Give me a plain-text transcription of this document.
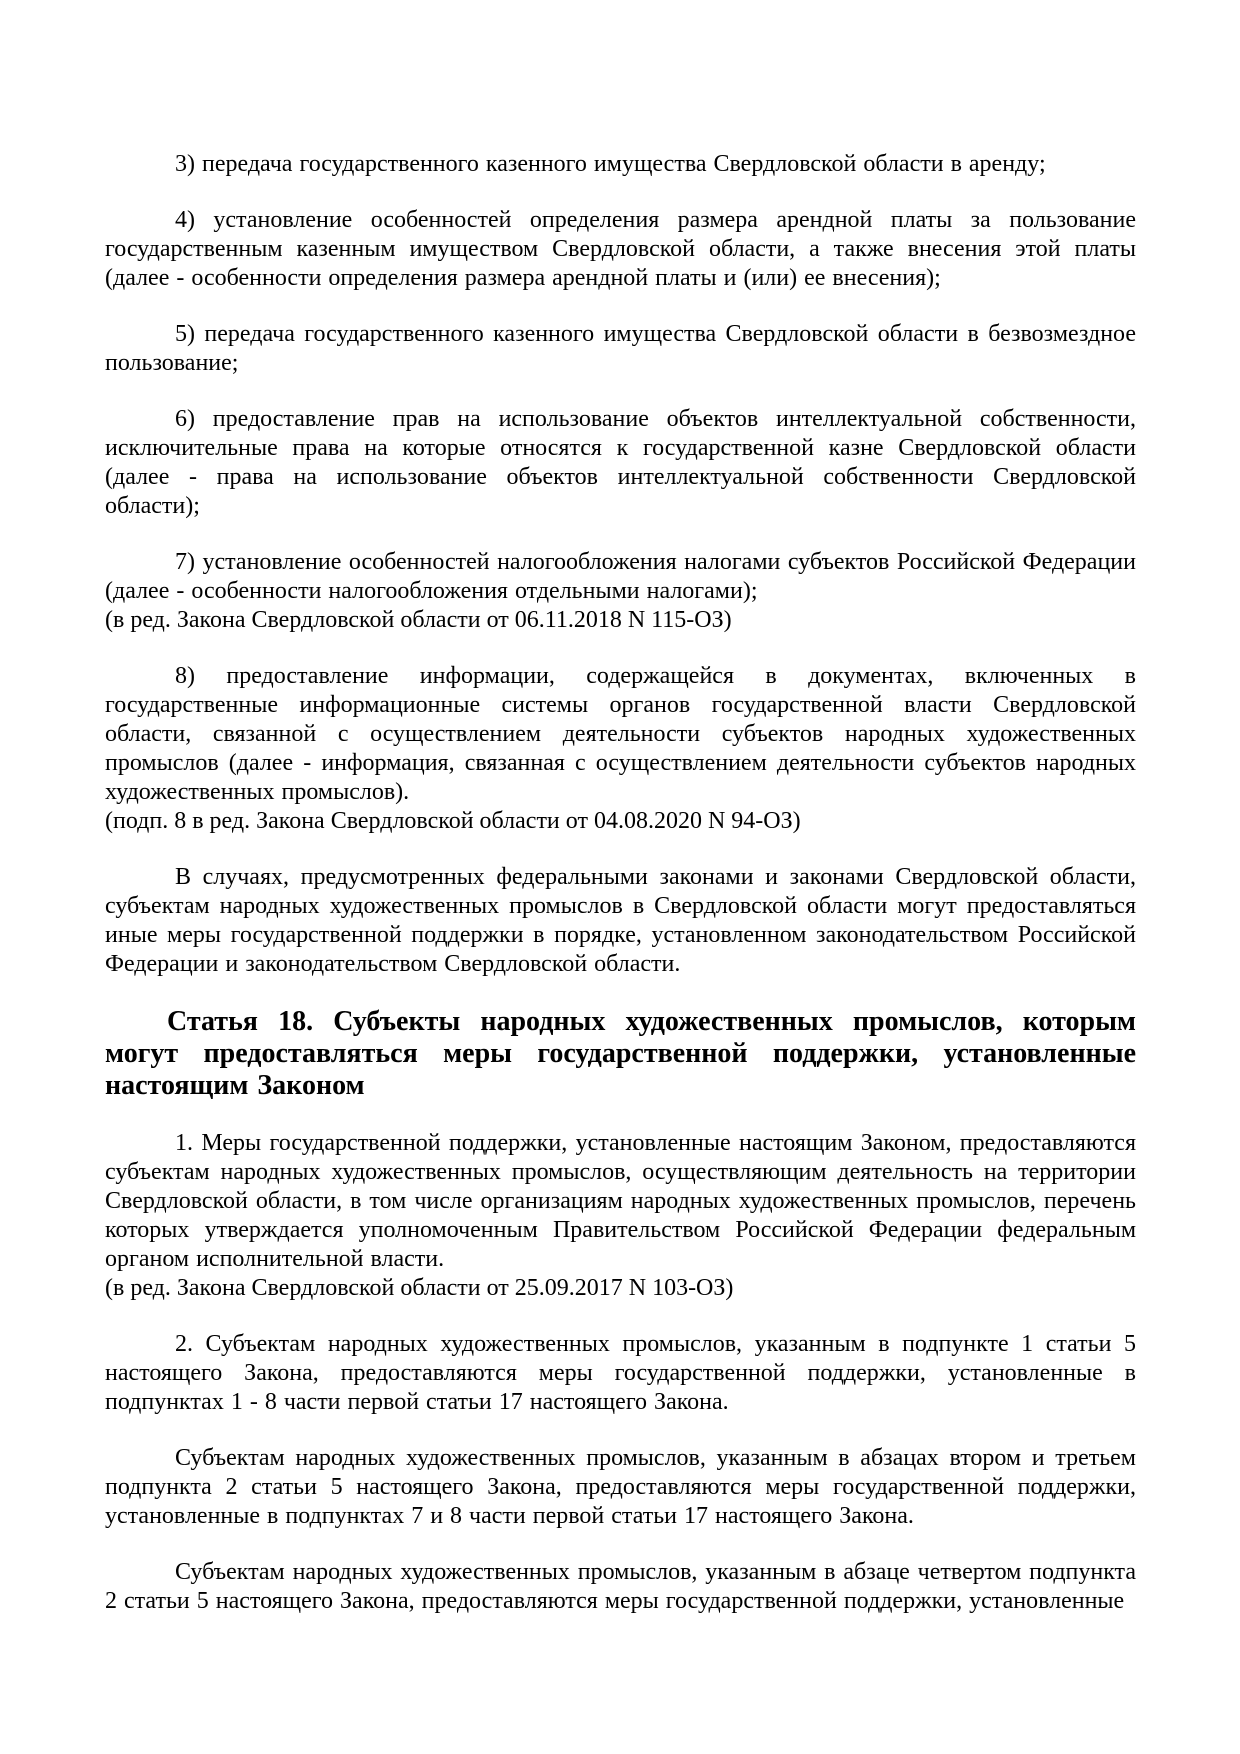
3) передача государственного казенного имущества Свердловской области в аренду;

4) установление особенностей определения размера арендной платы за пользование государственным казенным имуществом Свердловской области, а также внесения этой платы (далее - особенности определения размера арендной платы и (или) ее внесения);

5) передача государственного казенного имущества Свердловской области в безвозмездное пользование;

6) предоставление прав на использование объектов интеллектуальной собственности, исключительные права на которые относятся к государственной казне Свердловской области (далее - права на использование объектов интеллектуальной собственности Свердловской области);

7) установление особенностей налогообложения налогами субъектов Российской Федерации (далее - особенности налогообложения отдельными налогами);

(в ред. Закона Свердловской области от 06.11.2018 N 115-ОЗ)

8) предоставление информации, содержащейся в документах, включенных в государственные информационные системы органов государственной власти Свердловской области, связанной с осуществлением деятельности субъектов народных художественных промыслов (далее - информация, связанная с осуществлением деятельности субъектов народных художественных промыслов).

(подп. 8 в ред. Закона Свердловской области от 04.08.2020 N 94-ОЗ)

В случаях, предусмотренных федеральными законами и законами Свердловской области, субъектам народных художественных промыслов в Свердловской области могут предоставляться иные меры государственной поддержки в порядке, установленном законодательством Российской Федерации и законодательством Свердловской области.

Статья 18. Субъекты народных художественных промыслов, которым могут предоставляться меры государственной поддержки, установленные настоящим Законом

1. Меры государственной поддержки, установленные настоящим Законом, предоставляются субъектам народных художественных промыслов, осуществляющим деятельность на территории Свердловской области, в том числе организациям народных художественных промыслов, перечень которых утверждается уполномоченным Правительством Российской Федерации федеральным органом исполнительной власти.

(в ред. Закона Свердловской области от 25.09.2017 N 103-ОЗ)

2. Субъектам народных художественных промыслов, указанным в подпункте 1 статьи 5 настоящего Закона, предоставляются меры государственной поддержки, установленные в подпунктах 1 - 8 части первой статьи 17 настоящего Закона.

Субъектам народных художественных промыслов, указанным в абзацах втором и третьем подпункта 2 статьи 5 настоящего Закона, предоставляются меры государственной поддержки, установленные в подпунктах 7 и 8 части первой статьи 17 настоящего Закона.

Субъектам народных художественных промыслов, указанным в абзаце четвертом подпункта 2 статьи 5 настоящего Закона, предоставляются меры государственной поддержки, установленные
